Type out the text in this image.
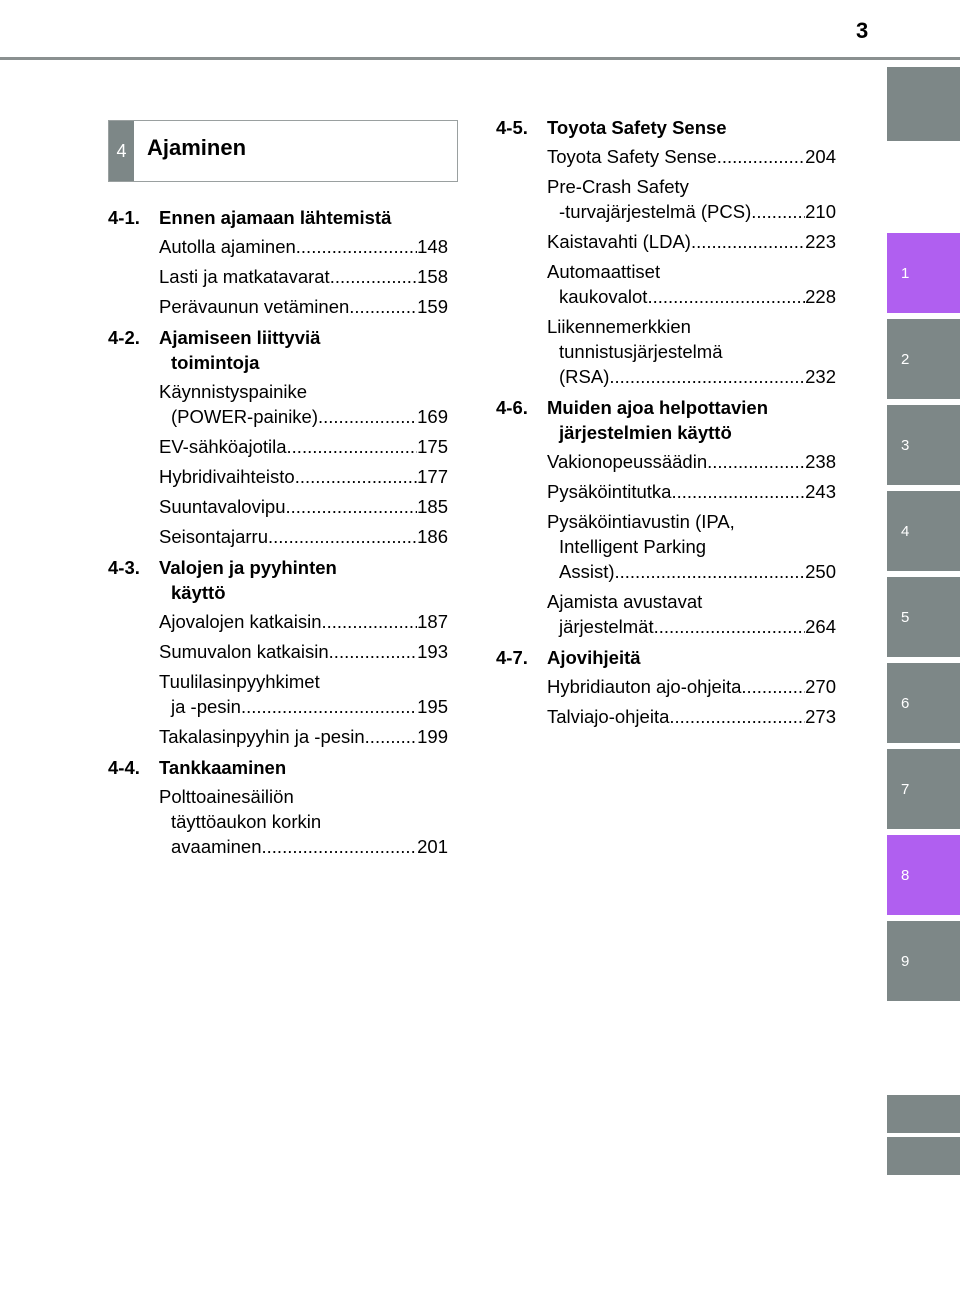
3
4 Ajaminen
4-1.	Ennen ajamaan lähtemistä
Autolla ajaminen .....	148
Lasti ja matkatavarat .....	158
Perävaunun vetäminen .....	159
4-2.	Ajamiseen liittyviä
toimintoja
Käynnistyspainike
(POWER-painike) .....	169
EV-sähköajotila .....	175
Hybridivaihteisto .....	177
Suuntavalovipu .....	185
Seisontajarru .....	186
4-3.	Valojen ja pyyhinten
käyttö
Ajovalojen katkaisin .....	187
Sumuvalon katkaisin .....	193
Tuulilasinpyyhkimet
ja -pesin .....	195
Takalasinpyyhin ja -pesin .....	199
4-4.	Tankkaaminen
Polttoainesäiliön
täyttöaukon korkin
avaaminen .....	201
4-5.	Toyota Safety Sense
Toyota Safety Sense .....	204
Pre-Crash Safety
-turvajärjestelmä (PCS) .....	210
Kaistavahti (LDA) .....	223
Automaattiset
kaukovalot .....	228
Liikennemerkkien
tunnistusjärjestelmä
(RSA) .....	232
4-6.	Muiden ajoa helpottavien
järjestelmien käyttö
Vakionopeussäädin .....	238
Pysäköintitutka .....	243
Pysäköintiavustin (IPA,
Intelligent Parking
Assist) .....	250
Ajamista avustavat
järjestelmät .....	264
4-7.	Ajovihjeitä
Hybridiauton ajo-ohjeita .....	270
Talviajo-ohjeita .....	273
1
2
3
4
5
6
7
8
9
